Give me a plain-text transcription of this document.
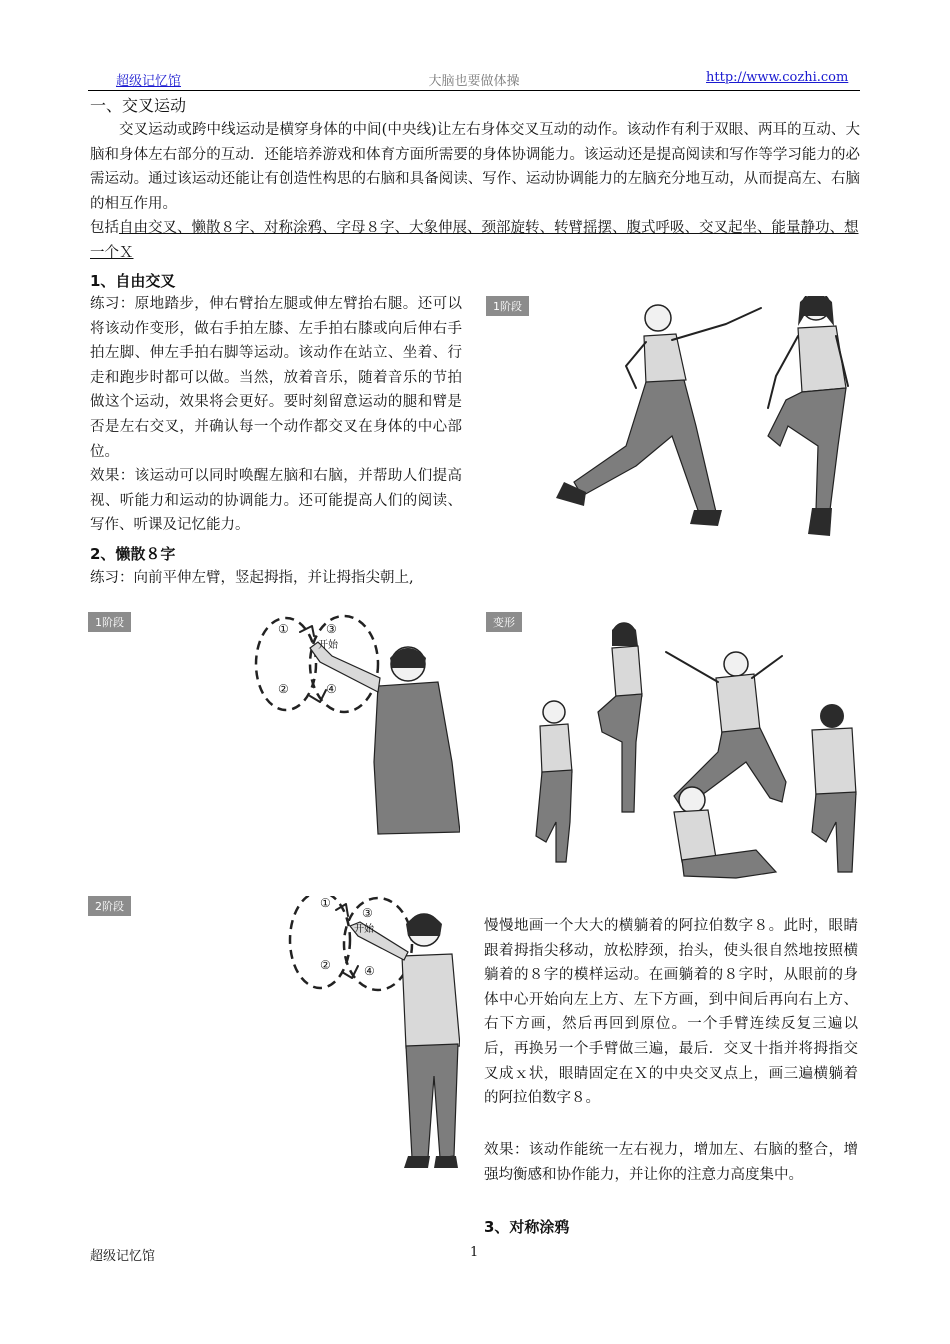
超级记忆馆	大脑也要做体操	http://www.cozhi.com
一、交叉运动
交叉运动或跨中线运动是横穿身体的中间(中央线)让左右身体交叉互动的动作。该动作有利于双眼、两耳的互动、大脑和身体左右部分的互动．还能培养游戏和体育方面所需要的身体协调能力。该运动还是提高阅读和写作等学习能力的必需运动。通过该运动还能让有创造性构思的右脑和具备阅读、写作、运动协调能力的左脑充分地互动，从而提高左、右脑的相互作用。
包括自由交叉、懒散８字、对称涂鸦、字母８字、大象伸展、颈部旋转、转臂摇摆、腹式呼吸、交叉起坐、能量静功、想一个Ｘ
1、自由交叉
练习：原地踏步，伸右臂抬左腿或伸左臂抬右腿。还可以将该动作变形，做右手拍左膝、左手拍右膝或向后伸右手拍左脚、伸左手拍右脚等运动。该动作在站立、坐着、行走和跑步时都可以做。当然，放着音乐，随着音乐的节拍做这个运动，效果将会更好。要时刻留意运动的腿和臂是否是左右交叉，并确认每一个动作都交叉在身体的中心部位。
效果：该运动可以同时唤醒左脑和右脑，并帮助人们提高视、听能力和运动的协调能力。还可能提高人们的阅读、写作、听课及记忆能力。
2、懒散８字
练习：向前平伸左臂，竖起拇指，并让拇指尖朝上,
慢慢地画一个大大的横躺着的阿拉伯数字８。此时，眼睛跟着拇指尖移动，放松脖颈，抬头，使头很自然地按照横躺着的８字的模样运动。在画躺着的８字时，从眼前的身体中心开始向左上方、左下方画，到中间后再向右上方、右下方画，然后再回到原位。一个手臂连续反复三遍以后，再换另一个手臂做三遍，最后．交叉十指并将拇指交叉成ｘ状，眼睛固定在Ｘ的中央交叉点上，画三遍横躺着的阿拉伯数字８。
效果：该动作能统一左右视力，增加左、右脑的整合，增强均衡感和协作能力，并让你的注意力高度集中。
3、对称涂鸦
1阶段
变形
1阶段	①
②
③
④
开始
2阶段	①
②
③
④
开始
超级记忆馆	1
